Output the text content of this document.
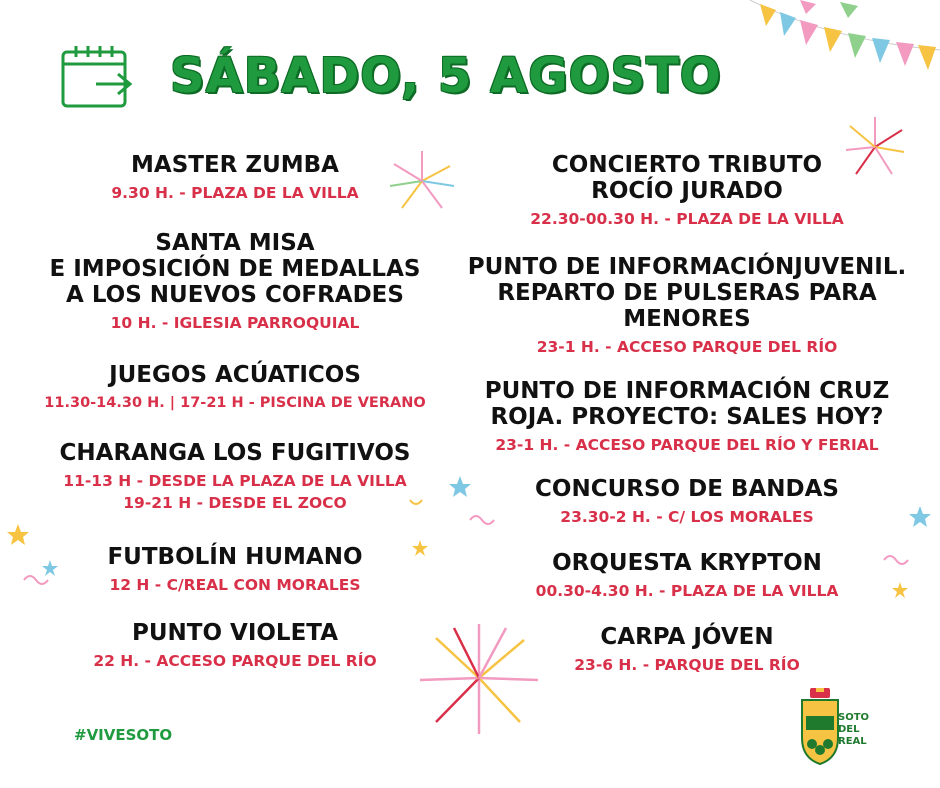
SÁBADO, 5 AGOSTO
MASTER ZUMBA
9.30 H. - PLAZA DE LA VILLA
SANTA MISA
E IMPOSICIÓN DE MEDALLAS
A LOS NUEVOS COFRADES
10 H. - IGLESIA PARROQUIAL
JUEGOS ACÚATICOS
11.30-14.30 H. | 17-21 H - PISCINA DE VERANO
CHARANGA LOS FUGITIVOS
11-13 H - DESDE LA PLAZA DE LA VILLA
19-21 H - DESDE EL ZOCO
FUTBOLÍN HUMANO
12 H - C/REAL CON MORALES
PUNTO VIOLETA
22 H. - ACCESO PARQUE DEL RÍO
CONCIERTO TRIBUTO
ROCÍO JURADO
22.30-00.30 H. - PLAZA DE LA VILLA
PUNTO DE INFORMACIÓNJUVENIL.
REPARTO DE PULSERAS PARA
MENORES
23-1 H. - ACCESO PARQUE DEL RÍO
PUNTO DE INFORMACIÓN CRUZ
ROJA. PROYECTO: SALES HOY?
23-1 H. - ACCESO PARQUE DEL RÍO Y FERIAL
CONCURSO DE BANDAS
23.30-2 H. - C/ LOS MORALES
ORQUESTA KRYPTON
00.30-4.30 H. - PLAZA DE LA VILLA
CARPA JÓVEN
23-6 H. - PARQUE DEL RÍO
#VIVESOTO
SOTO
DEL
REAL
